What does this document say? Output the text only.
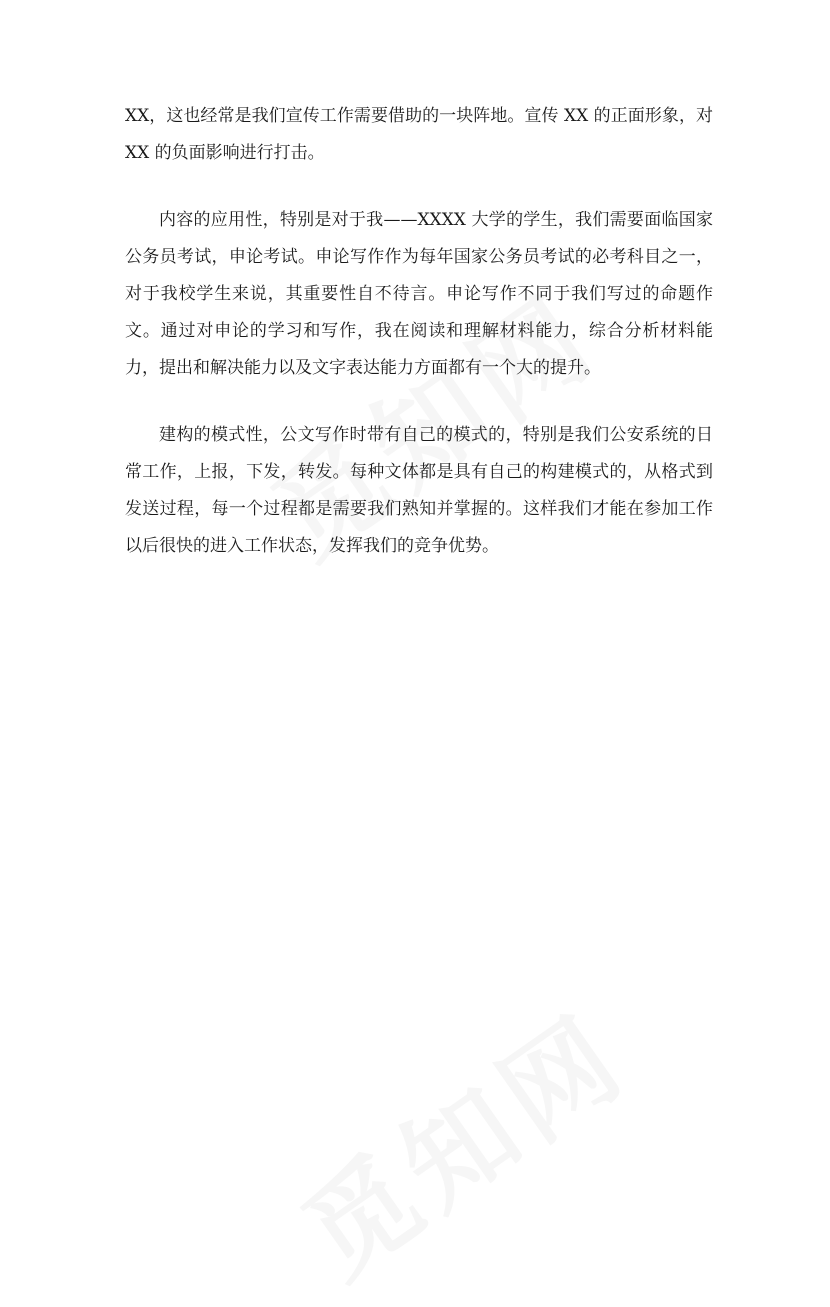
XX，这也经常是我们宣传工作需要借助的一块阵地。宣传 XX 的正面形象，对 XX 的负面影响进行打击。

内容的应用性，特别是对于我——XXXX 大学的学生，我们需要面临国家公务员考试，申论考试。申论写作作为每年国家公务员考试的必考科目之一，对于我校学生来说，其重要性自不待言。申论写作不同于我们写过的命题作文。通过对申论的学习和写作，我在阅读和理解材料能力，综合分析材料能力，提出和解决能力以及文字表达能力方面都有一个大的提升。

建构的模式性，公文写作时带有自己的模式的，特别是我们公安系统的日常工作，上报，下发，转发。每种文体都是具有自己的构建模式的，从格式到发送过程，每一个过程都是需要我们熟知并掌握的。这样我们才能在参加工作以后很快的进入工作状态，发挥我们的竞争优势。
